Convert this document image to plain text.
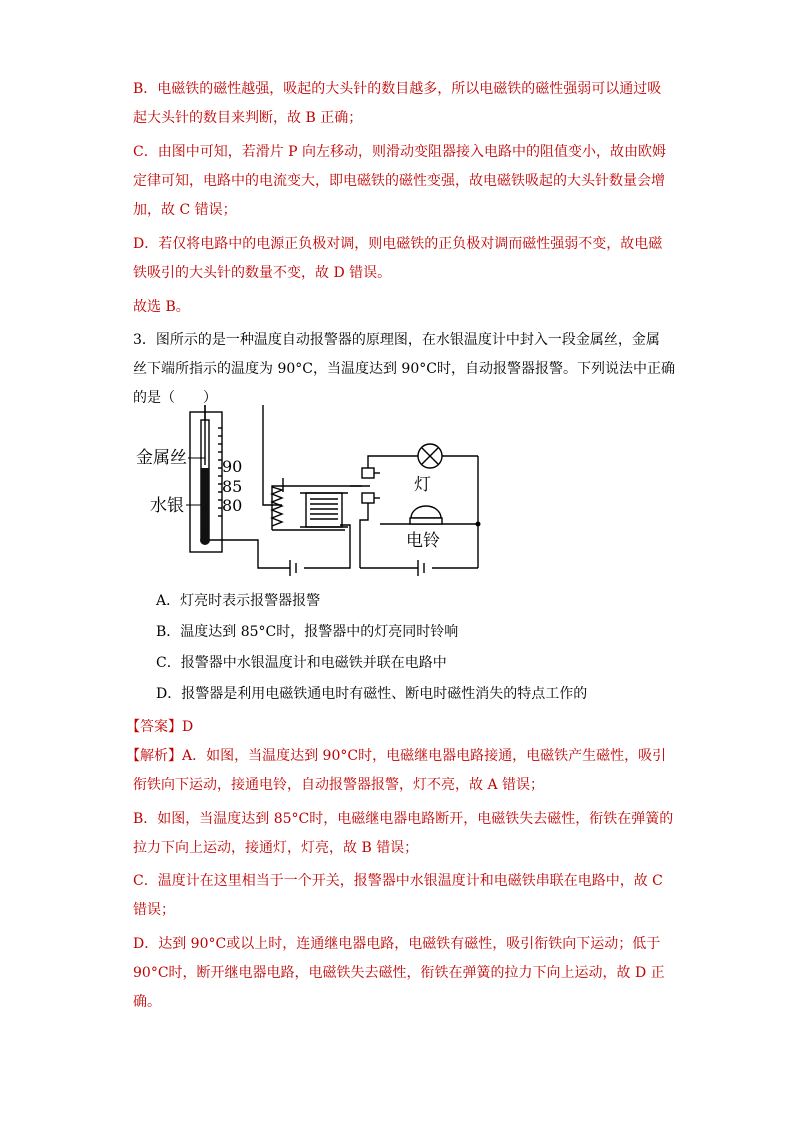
B．电磁铁的磁性越强，吸起的大头针的数目越多，所以电磁铁的磁性强弱可以通过吸
起大头针的数目来判断，故 B 正确；
C．由图中可知，若滑片 P 向左移动，则滑动变阻器接入电路中的阻值变小，故由欧姆
定律可知，电路中的电流变大，即电磁铁的磁性变强，故电磁铁吸起的大头针数量会增
加，故 C 错误；
D．若仅将电路中的电源正负极对调，则电磁铁的正负极对调而磁性强弱不变，故电磁
铁吸引的大头针的数量不变，故 D 错误。
故选 B。
3．图所示的是一种温度自动报警器的原理图，在水银温度计中封入一段金属丝，金属
丝下端所指示的温度为 90°C，当温度达到 90°C时，自动报警器报警。下列说法中正确
的是（　　）
金属丝
水银
90
85
80
灯
电铃
A．灯亮时表示报警器报警
B．温度达到 85°C时，报警器中的灯亮同时铃响
C．报警器中水银温度计和电磁铁并联在电路中
D．报警器是利用电磁铁通电时有磁性、断电时磁性消失的特点工作的
【答案】D
【解析】A．如图，当温度达到 90°C时，电磁继电器电路接通，电磁铁产生磁性，吸引
衔铁向下运动，接通电铃，自动报警器报警，灯不亮，故 A 错误；
B．如图，当温度达到 85°C时，电磁继电器电路断开，电磁铁失去磁性，衔铁在弹簧的
拉力下向上运动，接通灯，灯亮，故 B 错误；
C．温度计在这里相当于一个开关，报警器中水银温度计和电磁铁串联在电路中，故 C
错误；
D．达到 90°C或以上时，连通继电器电路，电磁铁有磁性，吸引衔铁向下运动；低于
90°C时，断开继电器电路，电磁铁失去磁性，衔铁在弹簧的拉力下向上运动，故 D 正
确。
